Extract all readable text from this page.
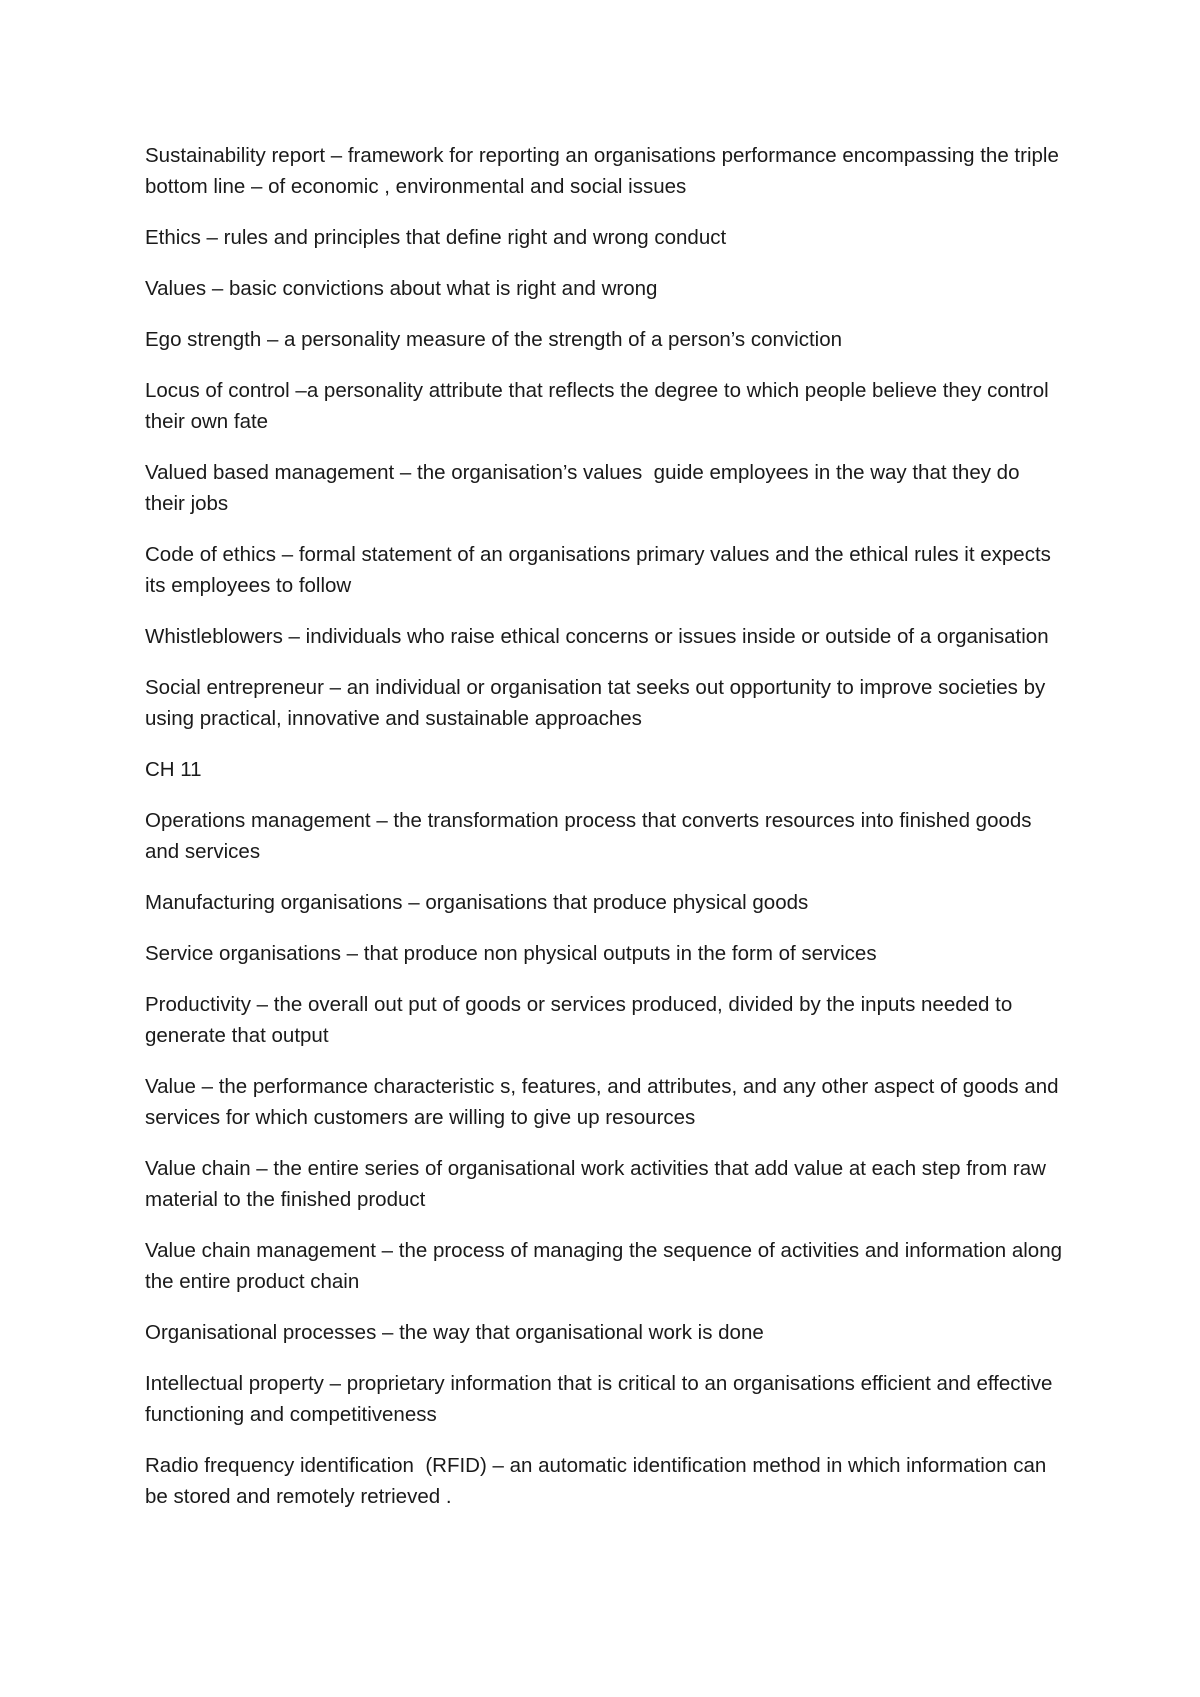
Sustainability report – framework for reporting an organisations performance encompassing the triple bottom line – of economic , environmental and social issues

Ethics – rules and principles that define right and wrong conduct

Values – basic convictions about what is right and wrong

Ego strength – a personality measure of the strength of a person’s conviction

Locus of control –a personality attribute that reflects the degree to which people believe they control their own fate

Valued based management – the organisation’s values  guide employees in the way that they do their jobs

Code of ethics – formal statement of an organisations primary values and the ethical rules it expects its employees to follow

Whistleblowers – individuals who raise ethical concerns or issues inside or outside of a organisation

Social entrepreneur – an individual or organisation tat seeks out opportunity to improve societies by using practical, innovative and sustainable approaches

CH 11

Operations management – the transformation process that converts resources into finished goods and services

Manufacturing organisations – organisations that produce physical goods

Service organisations – that produce non physical outputs in the form of services

Productivity – the overall out put of goods or services produced, divided by the inputs needed to generate that output

Value – the performance characteristic s, features, and attributes, and any other aspect of goods and services for which customers are willing to give up resources

Value chain – the entire series of organisational work activities that add value at each step from raw material to the finished product

Value chain management – the process of managing the sequence of activities and information along the entire product chain

Organisational processes – the way that organisational work is done

Intellectual property – proprietary information that is critical to an organisations efficient and effective functioning and competitiveness

Radio frequency identification  (RFID) – an automatic identification method in which information can be stored and remotely retrieved .
